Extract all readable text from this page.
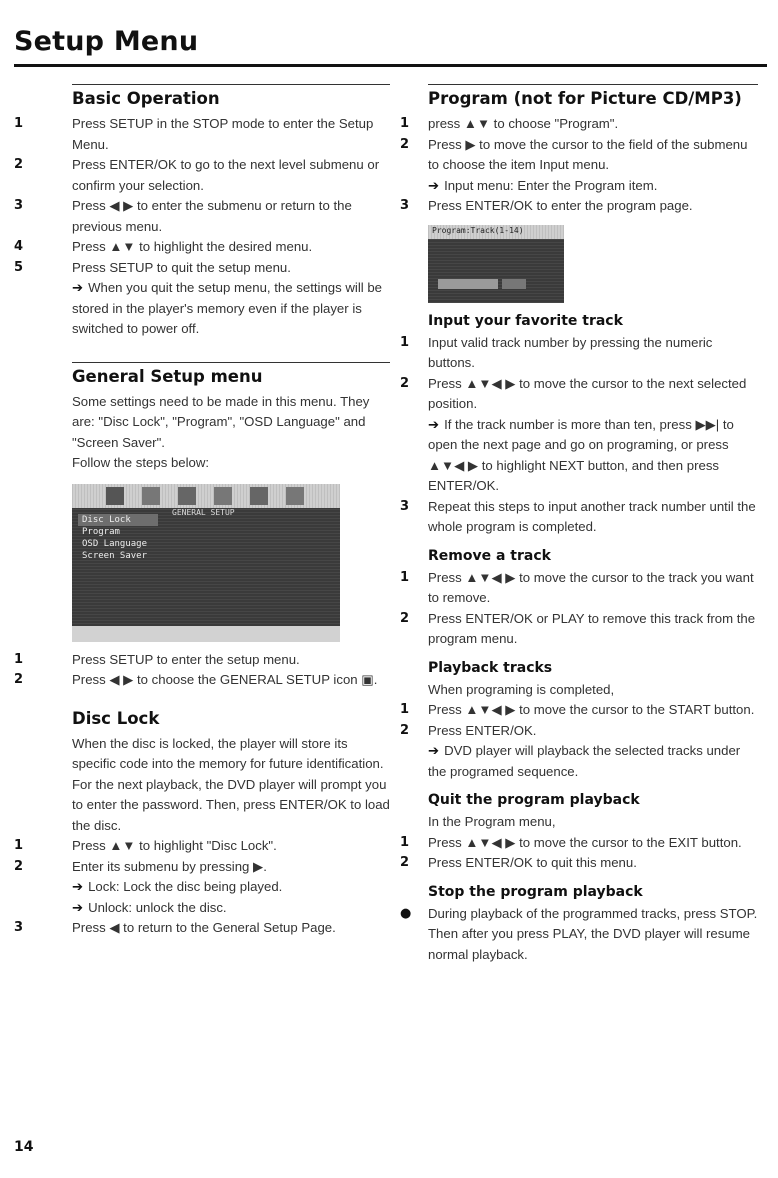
Setup Menu
Basic Operation
1	Press SETUP in the STOP mode to enter the Setup Menu.
2	Press ENTER/OK to go to the next level submenu or confirm your selection.
3	Press ◀ ▶ to enter the submenu or return to the previous menu.
4	Press ▲▼ to highlight the desired menu.
5	Press SETUP to quit the setup menu.
➔ When you quit the setup menu, the settings will be stored in the player's memory even if the player is switched to power off.
General Setup menu
Some settings need to be made in this menu. They are: "Disc Lock", "Program", "OSD Language" and "Screen Saver".
Follow the steps below:
GENERAL SETUP
Disc Lock
Program
OSD Language
Screen Saver
1	Press SETUP to enter the setup menu.
2	Press ◀ ▶ to choose the GENERAL SETUP icon ▣.
Disc Lock
When the disc is locked, the player will store its specific code into the memory for future identification. For the next playback, the DVD player will prompt you to enter the password. Then, press ENTER/OK to load the disc.
1	Press ▲▼ to highlight "Disc Lock".
2	Enter its submenu by pressing ▶.
➔ Lock: Lock the disc being played.
➔ Unlock: unlock the disc.
3	Press ◀ to return to the General Setup Page.
Program (not for Picture CD/MP3)
1	press ▲▼ to choose "Program".
2	Press ▶ to move the cursor to the field of the submenu to choose the item Input menu.
➔ Input menu: Enter the Program item.
3	Press ENTER/OK to enter the program page.
Program:Track(1-14)
Input your favorite track
1	Input valid track number by pressing the numeric buttons.
2	Press ▲▼◀ ▶ to move the cursor to the next selected position.
➔ If the track number is more than ten, press ▶▶| to open the next page and go on programing, or press ▲▼◀ ▶ to highlight NEXT button, and then press ENTER/OK.
3	Repeat this steps to input another track number until the whole program is completed.
Remove a track
1	Press ▲▼◀ ▶ to move the cursor to the track you want to remove.
2	Press ENTER/OK or PLAY to remove this track from the program menu.
Playback tracks
When programing is completed,
1	Press ▲▼◀ ▶ to move the cursor to the START button.
2	Press ENTER/OK.
➔ DVD player will playback the selected tracks under the programed sequence.
Quit the program playback
In the Program menu,
1	Press ▲▼◀ ▶ to move the cursor to the EXIT button.
2	Press ENTER/OK to quit this menu.
Stop the program playback
●	During playback of the programmed tracks, press STOP. Then after you press PLAY, the DVD player will resume normal playback.
14
